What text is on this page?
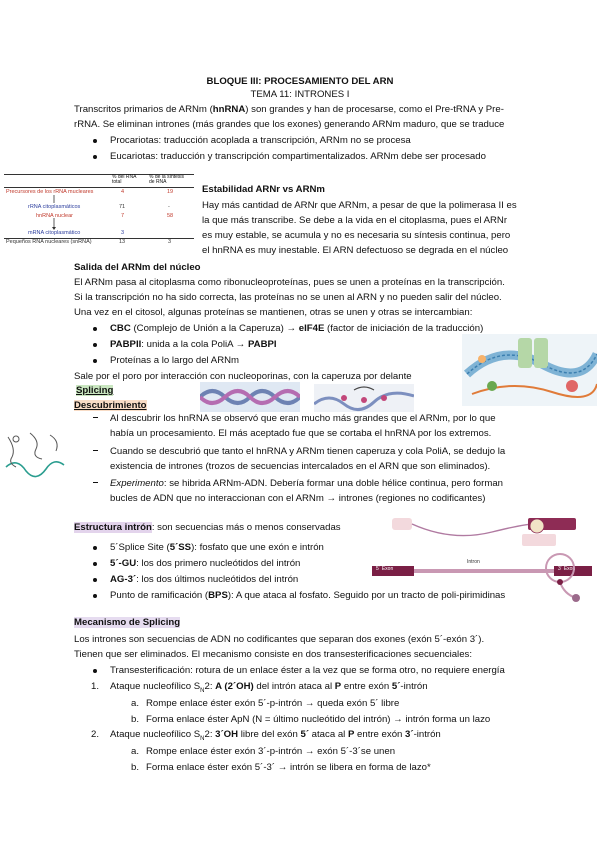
BLOQUE III: PROCESAMIENTO DEL ARN
TEMA 11: INTRONES I
Transcritos primarios de ARNm (hnRNA) son grandes y han de procesarse, como el Pre-tRNA y Pre-
rRNA. Se eliminan intrones (más grandes que los exones) generando ARNm maduro, que se traduce
Procariotas: traducción acoplada a transcripción, ARNm no se procesa
Eucariotas: traducción y transcripción compartimentalizados. ARNm debe ser procesado
% del RNA total
% de la síntesis de RNA
Precursores de los rRNA mucleares	4	19
rRNA citoplasmáticos	71	-
hnRNA nuclear	7	58
mRNA citoplasmático	3
Pequeños RNA nucleares (snRNA)	13	3
Estabilidad ARNr vs ARNm
Hay más cantidad de ARNr que ARNm, a pesar de que la polimerasa II es
la que más transcribe. Se debe a la vida en el citoplasma, pues el ARNr
es muy estable, se acumula y no es necesaria su síntesis continua, pero
el hnRNA es muy inestable. El ARN defectuoso se degrada en el núcleo
Salida del ARNm del núcleo
El ARNm pasa al citoplasma como ribonucleoproteínas, pues se unen a proteínas en la transcripción.
Si la transcripción no ha sido correcta, las proteínas no se unen al ARN y no pueden salir del núcleo.
Una vez en el citosol, algunas proteínas se mantienen, otras se unen y otras se intercambian:
CBC (Complejo de Unión a la Caperuza) → eIF4E (factor de iniciación de la traducción)
PABPII: unida a la cola PoliA → PABPI
Proteínas a lo largo del ARNm
Sale por el poro por interacción con nucleoporinas, con la caperuza por delante
Splicing
Descubrimiento
Al descubrir los hnRNA se observó que eran mucho más grandes que el ARNm, por lo que
había un procesamiento. El más aceptado fue que se cortaba el hnRNA por los extremos.
Cuando se descubrió que tanto el hnRNA y ARNm tienen caperuza y cola PoliA, se dedujo la
existencia de intrones (trozos de secuencias intercalados en el ARN que son eliminados).
Experimento: se hibrida ARNm-ADN. Debería formar una doble hélice continua, pero forman
bucles de ADN que no interaccionan con el ARNm → intrones (regiones no codificantes)
Estructura intrón: son secuencias más o menos conservadas
5´Splice Site (5´SS): fosfato que une exón e intrón
5´-GU: los dos primero nucleótidos del intrón
AG-3´: los dos últimos nucleótidos del intrón
Punto de ramificación (BPS): A que ataca al fosfato. Seguido por un tracto de poli-pirimidinas
5´ Exon
Intron
3´ Exon
Mecanismo de Splicing
Los intrones son secuencias de ADN no codificantes que separan dos exones (exón 5´-exón 3´).
Tienen que ser eliminados. El mecanismo consiste en dos transesterificaciones secuenciales:
Transesterificación: rotura de un enlace éster a la vez que se forma otro, no requiere energía
1. Ataque nucleofílico $S_N2$: A (2´OH) del intrón ataca al P entre exón 5´-intrón
a. Rompe enlace éster exón 5´-p-intrón → queda exón 5´ libre
b. Forma enlace éster ApN (N = último nucleótido del intrón) → intrón forma un lazo
2. Ataque nucleofílico $S_N2$: 3´OH libre del exón 5´ ataca al P entre exón 3´-intrón
a. Rompe enlace éster exón 3´-p-intrón → exón 5´-3´se unen
b. Forma enlace éster exón 5´-3´ → intrón se libera en forma de lazo*
